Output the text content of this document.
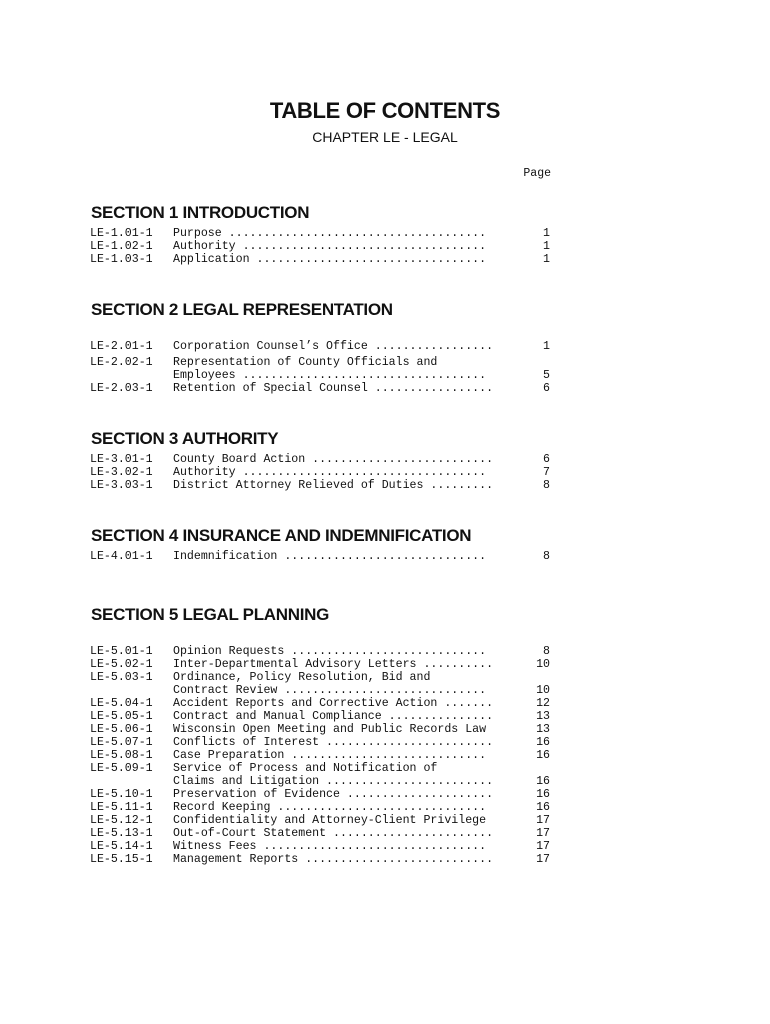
TABLE OF CONTENTS
CHAPTER LE - LEGAL
Page
SECTION 1 INTRODUCTION
LE-1.01-1 Purpose .....................................	1
LE-1.02-1 Authority ...................................	1
LE-1.03-1 Application .................................	1
SECTION 2 LEGAL REPRESENTATION
LE-2.01-1 Corporation Counsel’s Office .................	1
LE-2.02-1 Representation of County Officials and
Employees ...................................	5
LE-2.03-1 Retention of Special Counsel .................	6
SECTION 3 AUTHORITY
LE-3.01-1 County Board Action ..........................	6
LE-3.02-1 Authority ...................................	7
LE-3.03-1 District Attorney Relieved of Duties .........	8
SECTION 4 INSURANCE AND INDEMNIFICATION
LE-4.01-1 Indemnification .............................	8
SECTION 5 LEGAL PLANNING
LE-5.01-1 Opinion Requests ............................	8
LE-5.02-1 Inter-Departmental Advisory Letters ..........	10
LE-5.03-1 Ordinance, Policy Resolution, Bid and
Contract Review .............................	10
LE-5.04-1 Accident Reports and Corrective Action .......	12
LE-5.05-1 Contract and Manual Compliance ...............	13
LE-5.06-1 Wisconsin Open Meeting and Public Records Law	13
LE-5.07-1 Conflicts of Interest ........................	16
LE-5.08-1 Case Preparation ............................	16
LE-5.09-1 Service of Process and Notification of
Claims and Litigation ........................	16
LE-5.10-1 Preservation of Evidence .....................	16
LE-5.11-1 Record Keeping ..............................	16
LE-5.12-1 Confidentiality and Attorney-Client Privilege	17
LE-5.13-1 Out-of-Court Statement .......................	17
LE-5.14-1 Witness Fees ................................	17
LE-5.15-1 Management Reports ...........................	17
